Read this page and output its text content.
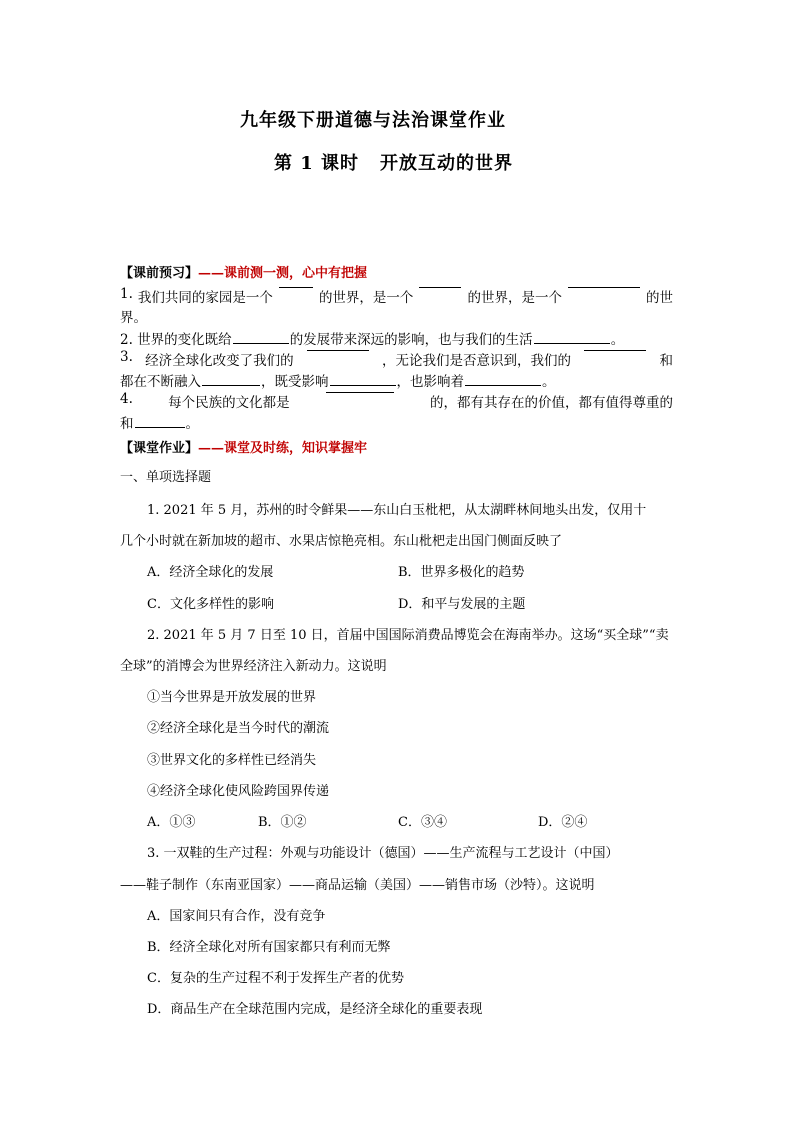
九年级下册道德与法治课堂作业
第 1 课时 开放互动的世界
【课前预习】——课前测一测，心中有把握
1. 我们共同的家园是一个	的世界，是一个	的世界，是一个	的世
界。
2. 世界的变化既给	的发展带来深远的影响，也与我们的生活	。
3. 经济全球化改变了我们的	，无论我们是否意识到，我们的	和
都在不断融入	，既受影响	，也影响着	。
4.	每个民族的文化都是	的，都有其存在的价值，都有值得尊重的
和	。
【课堂作业】——课堂及时练，知识掌握牢
一、单项选择题
1. 2021 年 5 月，苏州的时令鲜果——东山白玉枇杷，从太湖畔林间地头出发，仅用十
几个小时就在新加坡的超市、水果店惊艳亮相。东山枇杷走出国门侧面反映了
A．经济全球化的发展	B．世界多极化的趋势
C．文化多样性的影响	D．和平与发展的主题
2. 2021 年 5 月 7 日至 10 日，首届中国国际消费品博览会在海南举办。这场“买全球”“卖
全球”的消博会为世界经济注入新动力。这说明
①当今世界是开放发展的世界
②经济全球化是当今时代的潮流
③世界文化的多样性已经消失
④经济全球化使风险跨国界传递
A．①③	B．①②	C．③④	D．②④
3. 一双鞋的生产过程：外观与功能设计（德国）——生产流程与工艺设计（中国）
——鞋子制作（东南亚国家）——商品运输（美国）——销售市场（沙特）。这说明
A．国家间只有合作，没有竞争
B．经济全球化对所有国家都只有利而无弊
C．复杂的生产过程不利于发挥生产者的优势
D．商品生产在全球范围内完成，是经济全球化的重要表现
